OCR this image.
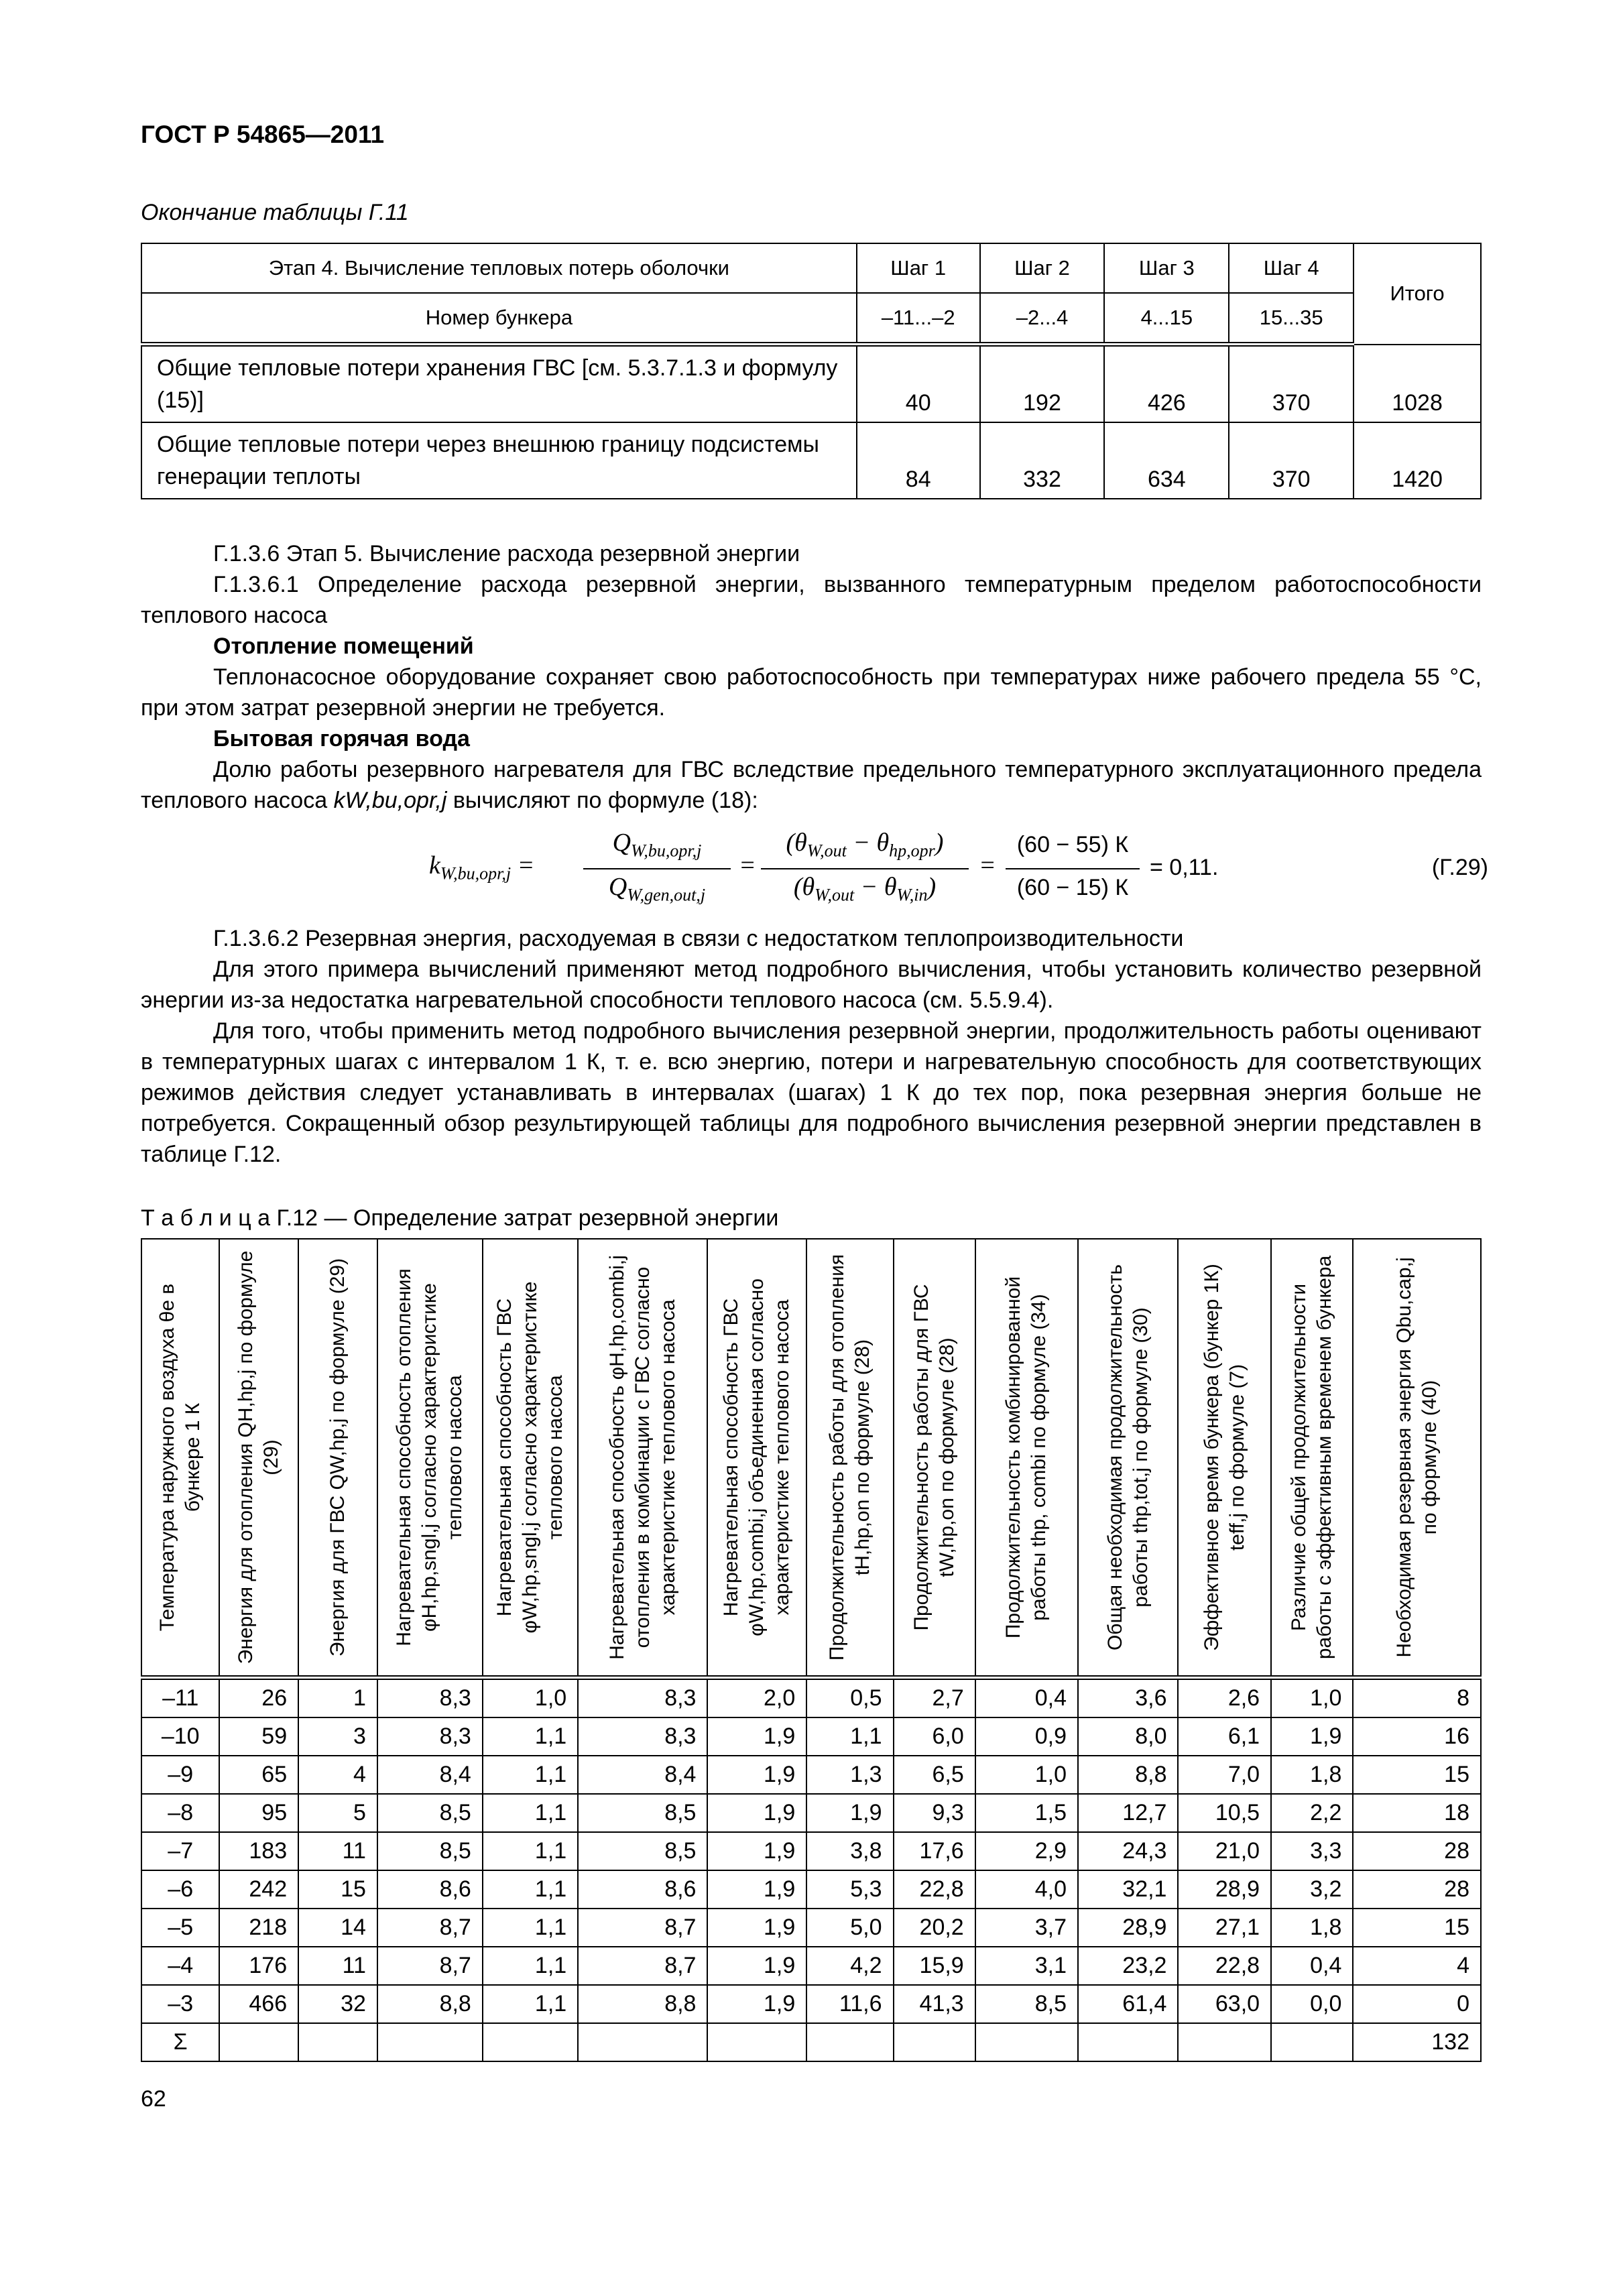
ГОСТ Р 54865—2011
Окончание таблицы Г.11
Этап 4. Вычисление тепловых потерь оболочки	Шаг 1	Шаг 2	Шаг 3	Шаг 4	Итого
Номер бункера	–11...–2	–2...4	4...15	15...35	
Общие тепловые потери хранения ГВС [см. 5.3.7.1.3 и формулу (15)]	40	192	426	370	1028
Общие тепловые потери через внешнюю границу подсистемы генерации теплоты	84	332	634	370	1420
Г.1.3.6 Этап 5. Вычисление расхода резервной энергии
Г.1.3.6.1 Определение расхода резервной энергии, вызванного температурным пределом работоспособности теплового насоса
Отопление помещений
Теплонасосное оборудование сохраняет свою работоспособность при температурах ниже рабочего предела 55 °С, при этом затрат резервной энергии не требуется.
Бытовая горячая вода
Долю работы резервного нагревателя для ГВС вследствие предельного температурного эксплуатационного предела теплового насоса kW,bu,opr,j вычисляют по формуле (18):
$k_{W,bu,opr,j}$ =
$Q_{W,bu,opr,j}$
$Q_{W,gen,out,j}$
=
$(\theta_{W,out} - \theta_{hp,opr})$
$(\theta_{W,out} - \theta_{W,in})$
=
(60 − 55) К
(60 − 15) К
= 0,11.	(Г.29)
Г.1.3.6.2 Резервная энергия, расходуемая в связи с недостатком теплопроизводительности
Для этого примера вычислений применяют метод подробного вычисления, чтобы установить количество резервной энергии из-за недостатка нагревательной способности теплового насоса (см. 5.5.9.4).
Для того, чтобы применить метод подробного вычисления резервной энергии, продолжительность работы оценивают в температурных шагах с интервалом 1 К, т. е. всю энергию, потери и нагревательную способность для соответствующих режимов действия следует устанавливать в интервалах (шагах) 1 К до тех пор, пока резервная энергия больше не потребуется. Сокращенный обзор результирующей таблицы для подробного вычисления резервной энергии представлен в таблице Г.12.
Т а б л и ц а Г.12 — Определение затрат резервной энергии
Температура наружного воздуха θe в бункере 1 К	Энергия для отопления QH,hp,j по формуле (29)	Энергия для ГВС QW,hp,j по формуле (29)	Нагревательная способность отопления φH,hp,sngl,j согласно характеристике теплового насоса	Нагревательная способность ГВС φW,hp,sngl,j согласно характеристике теплового насоса	Нагревательная способность φH,hp,combi,j отопления в комбинации с ГВС согласно характеристике теплового насоса	Нагревательная способность ГВС φW,hp,combi,j объединенная согласно характеристике теплового насоса	Продолжительность работы для отопления tH,hp,on по формуле (28)	Продолжительность работы для ГВС tW,hp,on по формуле (28)	Продолжительность комбинированной работы thp, combi по формуле (34)	Общая необходимая продолжительность работы thp,tot,j по формуле (30)	Эффективное время бункера (бункер 1К) teff,j по формуле (7)	Различие общей продолжительности работы с эффективным временем бункера	Необходимая резервная энергия Qbu,cap,j по формуле (40)

–11	26	1	8,3	1,0	8,3	2,0	0,5	2,7	0,4	3,6	2,6	1,0	8
–10	59	3	8,3	1,1	8,3	1,9	1,1	6,0	0,9	8,0	6,1	1,9	16
–9	65	4	8,4	1,1	8,4	1,9	1,3	6,5	1,0	8,8	7,0	1,8	15
–8	95	5	8,5	1,1	8,5	1,9	1,9	9,3	1,5	12,7	10,5	2,2	18
–7	183	11	8,5	1,1	8,5	1,9	3,8	17,6	2,9	24,3	21,0	3,3	28
–6	242	15	8,6	1,1	8,6	1,9	5,3	22,8	4,0	32,1	28,9	3,2	28
–5	218	14	8,7	1,1	8,7	1,9	5,0	20,2	3,7	28,9	27,1	1,8	15
–4	176	11	8,7	1,1	8,7	1,9	4,2	15,9	3,1	23,2	22,8	0,4	4
–3	466	32	8,8	1,1	8,8	1,9	11,6	41,3	8,5	61,4	63,0	0,0	0
Σ													132
62
